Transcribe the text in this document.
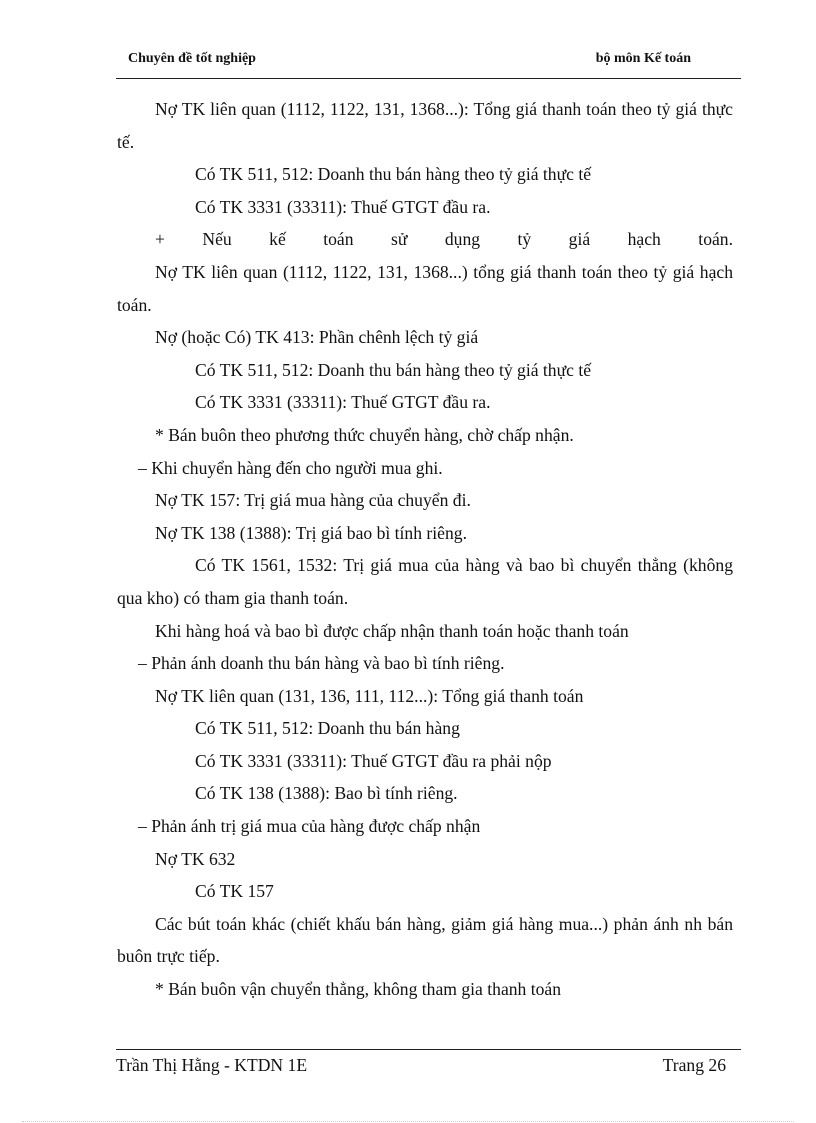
Chuyên đề tốt nghiệp	bộ môn Kế toán

Nợ TK liên quan (1112, 1122, 131, 1368...): Tổng giá thanh toán theo tỷ giá thực tế.

Có TK 511, 512: Doanh thu bán hàng theo tỷ giá thực tế

Có TK 3331 (33311): Thuế GTGT đầu ra.

+ Nếu kế toán sử dụng tỷ giá hạch toán.

Nợ TK liên quan (1112, 1122, 131, 1368...) tổng giá thanh toán theo tỷ giá hạch toán.

Nợ (hoặc Có) TK 413: Phần chênh lệch tỷ giá

Có TK 511, 512: Doanh thu bán hàng theo tỷ giá thực tế

Có TK 3331 (33311): Thuế GTGT đầu ra.

* Bán buôn theo phương thức chuyển hàng, chờ chấp nhận.

– Khi chuyển hàng đến cho người mua ghi.

Nợ TK 157: Trị giá mua hàng của chuyển đi.

Nợ TK 138 (1388): Trị giá bao bì tính riêng.

Có TK 1561, 1532: Trị giá mua của hàng và bao bì chuyển thẳng (không qua kho) có tham gia thanh toán.

Khi hàng hoá và bao bì được chấp nhận thanh toán hoặc thanh toán

– Phản ánh doanh thu bán hàng và bao bì tính riêng.

Nợ TK liên quan (131, 136, 111, 112...): Tổng giá thanh toán

Có TK 511, 512: Doanh thu bán hàng

Có TK 3331 (33311): Thuế GTGT đầu ra phải nộp

Có TK 138 (1388): Bao bì tính riêng.

– Phản ánh trị giá mua của hàng được chấp nhận

Nợ TK 632

Có TK 157

Các bút toán khác (chiết khấu bán hàng, giảm giá hàng mua...) phản ánh nh bán buôn trực tiếp.

* Bán buôn vận chuyển thẳng, không tham gia thanh toán

Trần Thị Hằng - KTDN 1E	Trang 26
